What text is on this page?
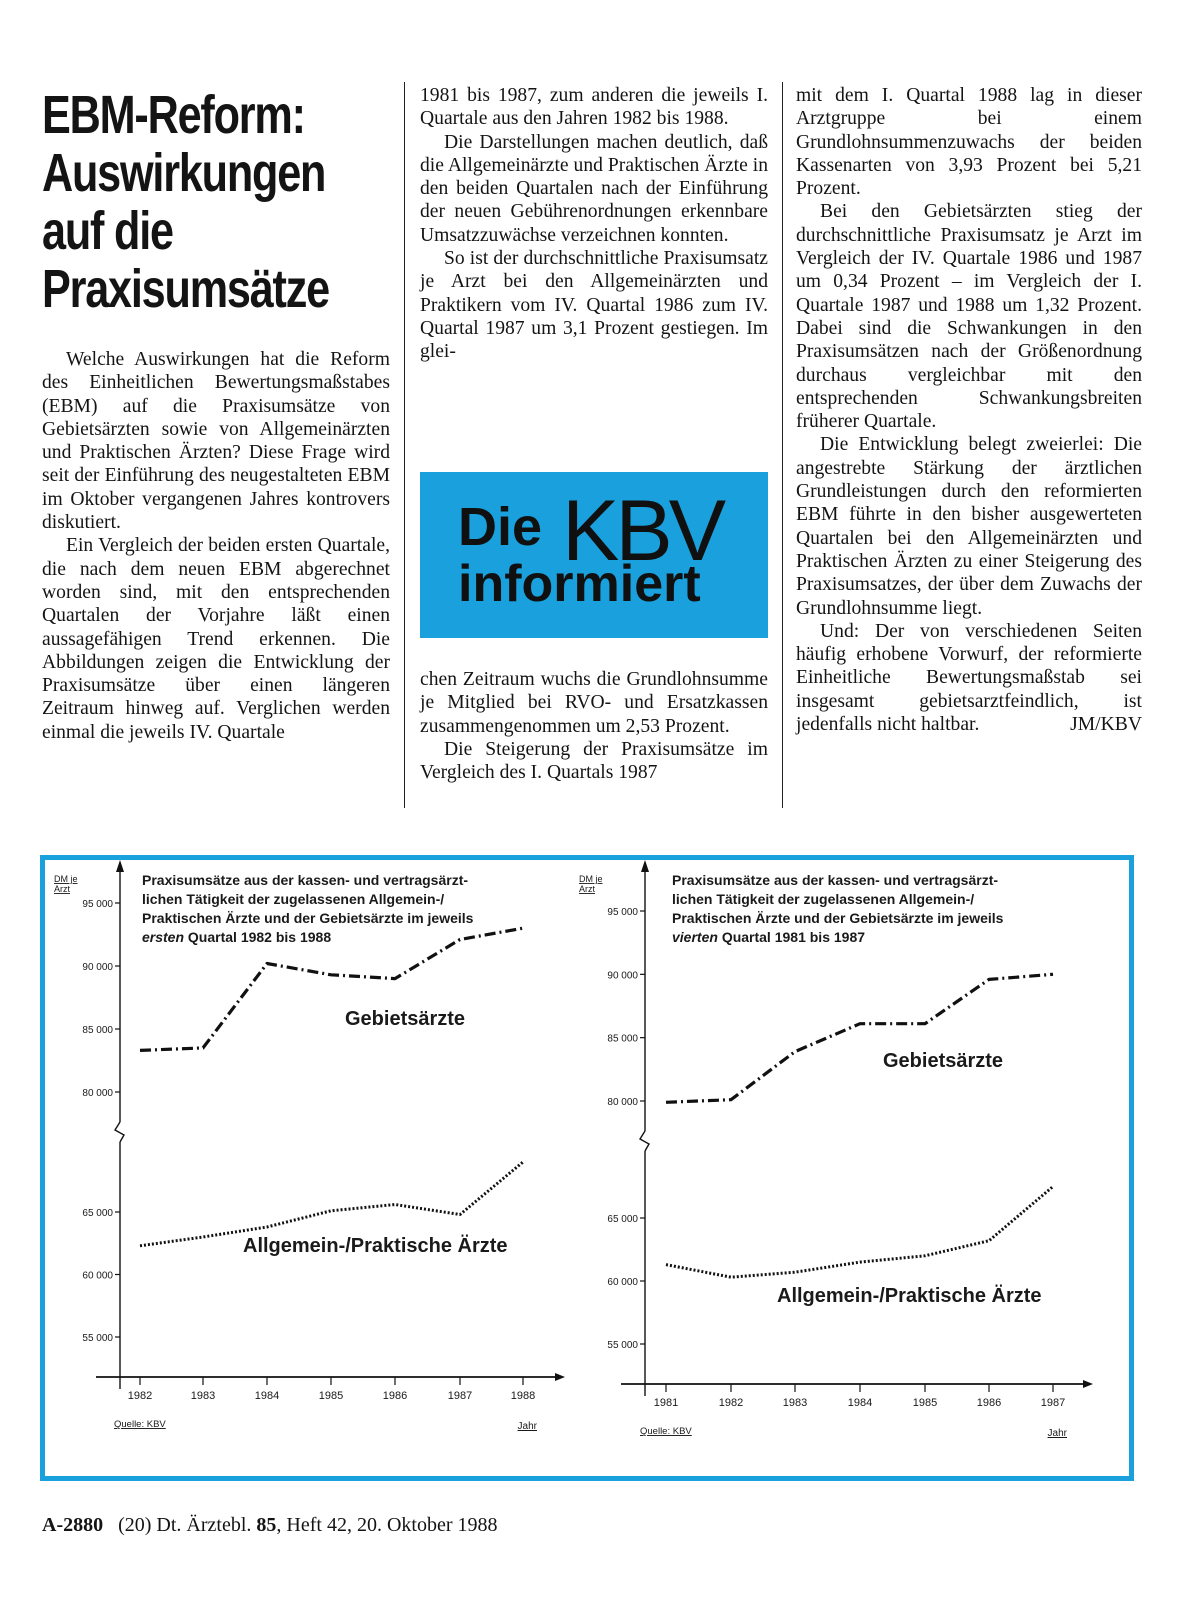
EBM-Reform:
Auswirkungen
auf die
Praxisumsätze

Welche Auswirkungen hat die Reform des Einheitlichen Bewertungsmaßstabes (EBM) auf die Praxisumsätze von Gebietsärzten sowie von Allgemeinärzten und Praktischen Ärzten? Diese Frage wird seit der Einführung des neugestalteten EBM im Oktober vergangenen Jahres kontrovers diskutiert.

Ein Vergleich der beiden ersten Quartale, die nach dem neuen EBM abgerechnet worden sind, mit den entsprechenden Quartalen der Vorjahre läßt einen aussagefähigen Trend erkennen. Die Abbildungen zeigen die Entwicklung der Praxisumsätze über einen längeren Zeitraum hinweg auf. Verglichen werden einmal die jeweils IV. Quartale

1981 bis 1987, zum anderen die jeweils I. Quartale aus den Jahren 1982 bis 1988.

Die Darstellungen machen deutlich, daß die Allgemeinärzte und Praktischen Ärzte in den beiden Quartalen nach der Einführung der neuen Gebührenordnungen erkennbare Umsatzzuwächse verzeichnen konnten.

So ist der durchschnittliche Praxisumsatz je Arzt bei den Allgemeinärzten und Praktikern vom IV. Quartal 1986 zum IV. Quartal 1987 um 3,1 Prozent gestiegen. Im glei-

Die KBV
informiert

chen Zeitraum wuchs die Grundlohnsumme je Mitglied bei RVO- und Ersatzkassen zusammengenommen um 2,53 Prozent.

Die Steigerung der Praxisumsätze im Vergleich des I. Quartals 1987

mit dem I. Quartal 1988 lag in dieser Arztgruppe bei einem Grundlohnsummenzuwachs der beiden Kassenarten von 3,93 Prozent bei 5,21 Prozent.

Bei den Gebietsärzten stieg der durchschnittliche Praxisumsatz je Arzt im Vergleich der IV. Quartale 1986 und 1987 um 0,34 Prozent – im Vergleich der I. Quartale 1987 und 1988 um 1,32 Prozent. Dabei sind die Schwankungen in den Praxisumsätzen nach der Größenordnung durchaus vergleichbar mit den entsprechenden Schwankungsbreiten früherer Quartale.

Die Entwicklung belegt zweierlei: Die angestrebte Stärkung der ärztlichen Grundleistungen durch den reformierten EBM führte in den bisher ausgewerteten Quartalen bei den Allgemeinärzten und Praktischen Ärzten zu einer Steigerung des Praxisumsatzes, der über dem Zuwachs der Grundlohnsumme liegt.

Und: Der von verschiedenen Seiten häufig erhobene Vorwurf, der reformierte Einheitliche Bewertungsmaßstab sei insgesamt gebietsarztfeindlich, ist jedenfalls nicht haltbar.	JM/KBV

Praxisumsätze aus der kassen- und vertragsärzt-
lichen Tätigkeit der zugelassenen Allgemein-/
Praktischen Ärzte und der Gebietsärzte im jeweils
ersten Quartal 1982 bis 1988
DM je
Arzt
95 000
90 000
85 000
80 000
65 000
60 000
55 000
1982	1983	1984	1985	1986	1987	1988
Quelle: KBV	Jahr
Gebietsärzte
Allgemein-/Praktische Ärzte
Praxisumsätze aus der kassen- und vertragsärzt-
lichen Tätigkeit der zugelassenen Allgemein-/
Praktischen Ärzte und der Gebietsärzte im jeweils
vierten Quartal 1981 bis 1987
DM je
Arzt
95 000
90 000
85 000
80 000
65 000
60 000
55 000
1981	1982	1983	1984	1985	1986	1987
Quelle: KBV	Jahr
Gebietsärzte
Allgemein-/Praktische Ärzte
A-2880 (20) Dt. Ärztebl. 85, Heft 42, 20. Oktober 1988
